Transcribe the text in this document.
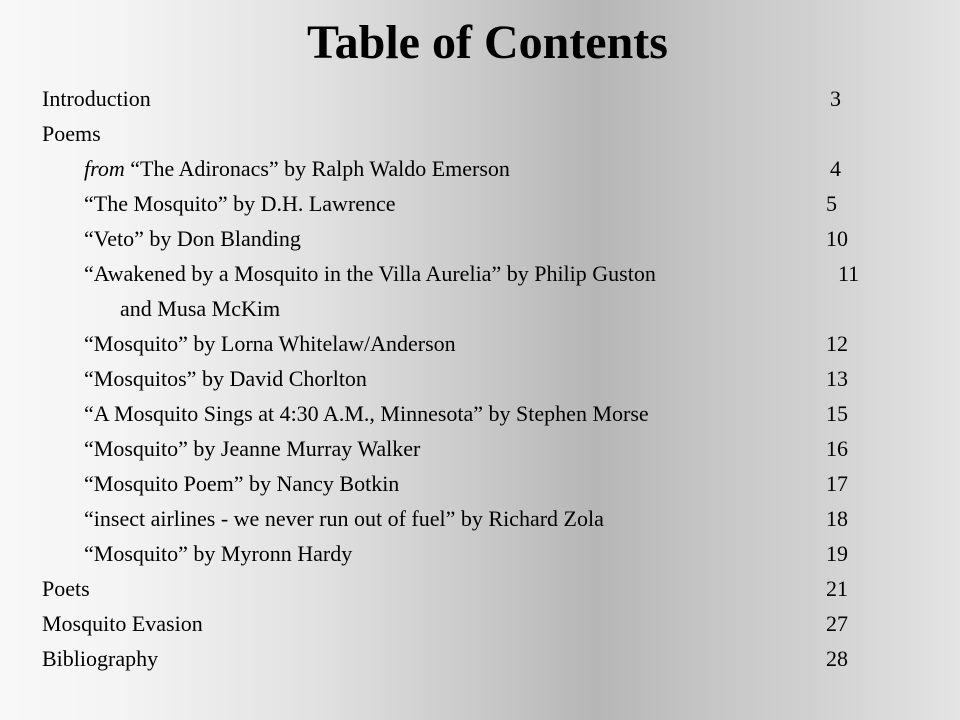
Table of Contents
Introduction	3
Poems
from “The Adironacs” by Ralph Waldo Emerson	4
“The Mosquito” by D.H. Lawrence	5
“Veto” by Don Blanding	10
“Awakened by a Mosquito in the Villa Aurelia” by Philip Guston	11
and Musa McKim
“Mosquito” by Lorna Whitelaw/Anderson	12
“Mosquitos” by David Chorlton	13
“A Mosquito Sings at 4:30 A.M., Minnesota” by Stephen Morse	15
“Mosquito” by Jeanne Murray Walker	16
“Mosquito Poem” by Nancy Botkin	17
“insect airlines - we never run out of fuel” by Richard Zola	18
“Mosquito” by Myronn Hardy	19
Poets	21
Mosquito Evasion	27
Bibliography	28
